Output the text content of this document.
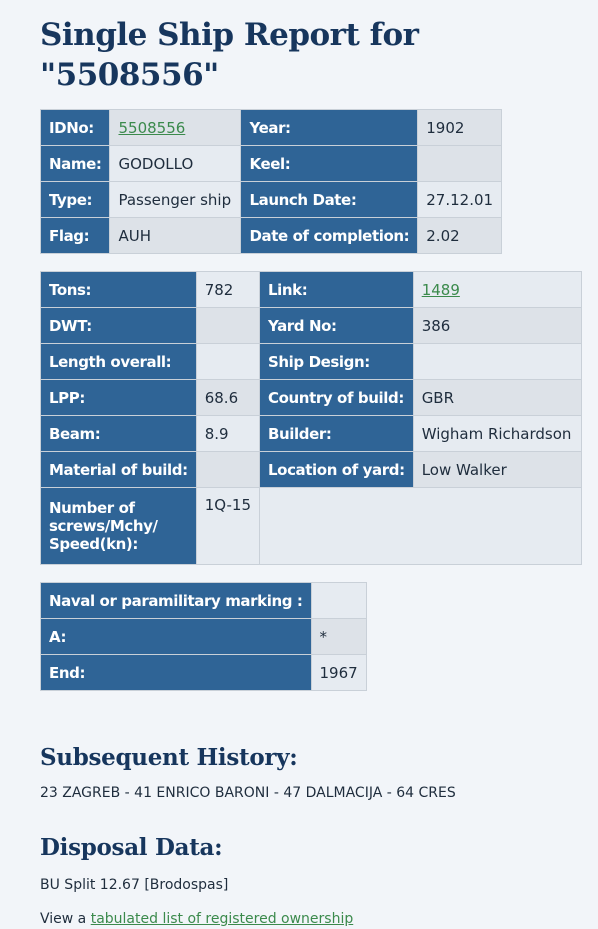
Single Ship Report for "5508556"
IDNo:	5508556	Year:	1902
Name:	GODOLLO	Keel:	
Type:	Passenger ship	Launch Date:	27.12.01
Flag:	AUH	Date of completion:	2.02
Tons:	782	Link:	1489
DWT:		Yard No:	386
Length overall:		Ship Design:	
LPP:	68.6	Country of build:	GBR
Beam:	8.9	Builder:	Wigham Richardson
Material of build:		Location of yard:	Low Walker
Number of screws/Mchy/ Speed(kn):	1Q-15		
Naval or paramilitary marking :	
A:	*
End:	1967
Subsequent History:

23 ZAGREB - 41 ENRICO BARONI - 47 DALMACIJA - 64 CRES

Disposal Data:

BU Split 12.67 [Brodospas]

View a tabulated list of registered ownership
